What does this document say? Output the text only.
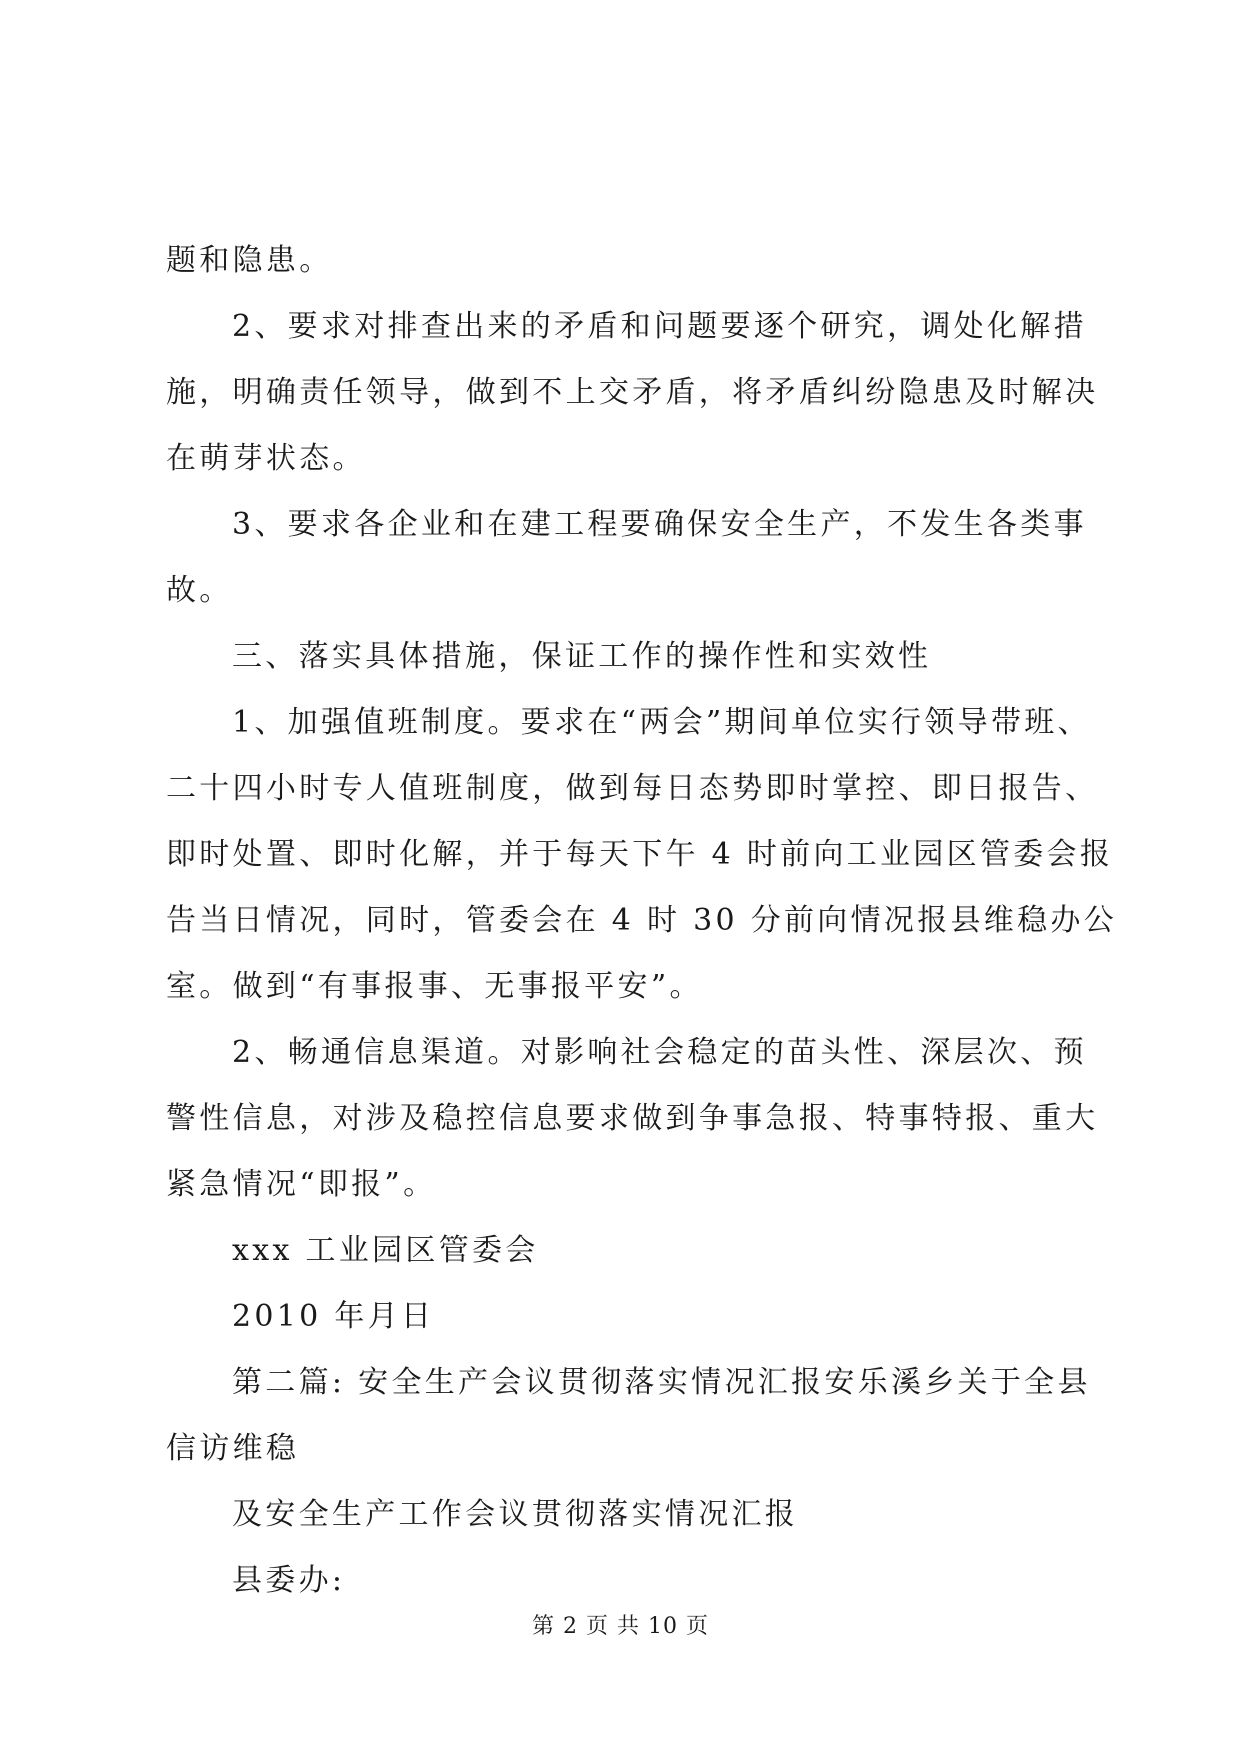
题和隐患。
2、要求对排查出来的矛盾和问题要逐个研究，调处化解措
施，明确责任领导，做到不上交矛盾，将矛盾纠纷隐患及时解决
在萌芽状态。
3、要求各企业和在建工程要确保安全生产，不发生各类事
故。
三、落实具体措施，保证工作的操作性和实效性
1、加强值班制度。要求在“两会”期间单位实行领导带班、
二十四小时专人值班制度，做到每日态势即时掌控、即日报告、
即时处置、即时化解，并于每天下午 4 时前向工业园区管委会报
告当日情况，同时，管委会在 4 时 30 分前向情况报县维稳办公
室。做到“有事报事、无事报平安”。
2、畅通信息渠道。对影响社会稳定的苗头性、深层次、预
警性信息，对涉及稳控信息要求做到争事急报、特事特报、重大
紧急情况“即报”。
xxx 工业园区管委会
2010 年月日
第二篇: 安全生产会议贯彻落实情况汇报安乐溪乡关于全县
信访维稳
及安全生产工作会议贯彻落实情况汇报
县委办:
第 2 页 共 10 页
